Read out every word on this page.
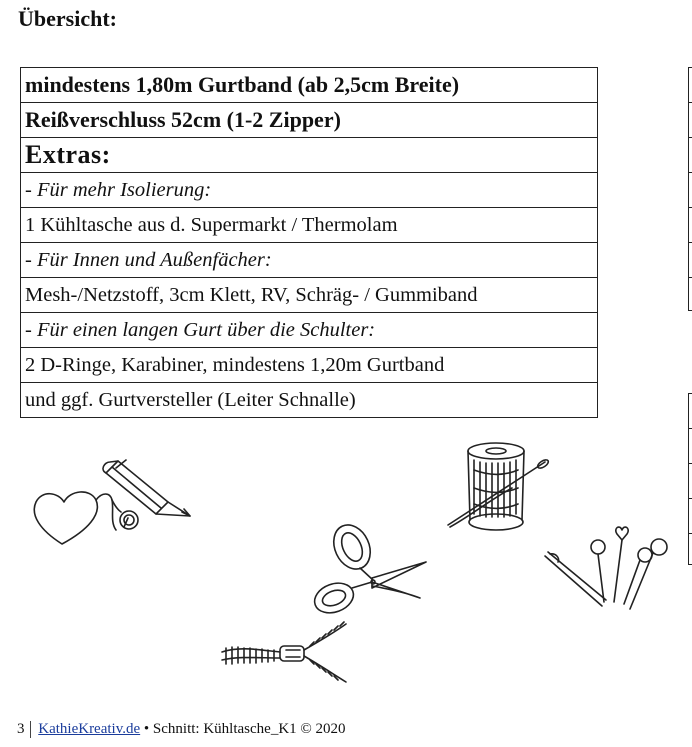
Übersicht:
mindestens 1,80m Gurtband (ab 2,5cm Breite)
Reißverschluss 52cm (1-2 Zipper)
Extras:
- Für mehr Isolierung:
1 Kühltasche aus d. Supermarkt / Thermolam
- Für Innen und Außenfächer:
Mesh-/Netzstoff, 3cm Klett, RV, Schräg- / Gummiband
- Für einen langen Gurt über die Schulter:
2 D-Ringe, Karabiner, mindestens 1,20m Gurtband
und ggf. Gurtversteller (Leiter Schnalle)
3 KathieKreativ.de • Schnitt: Kühltasche_K1 © 2020
